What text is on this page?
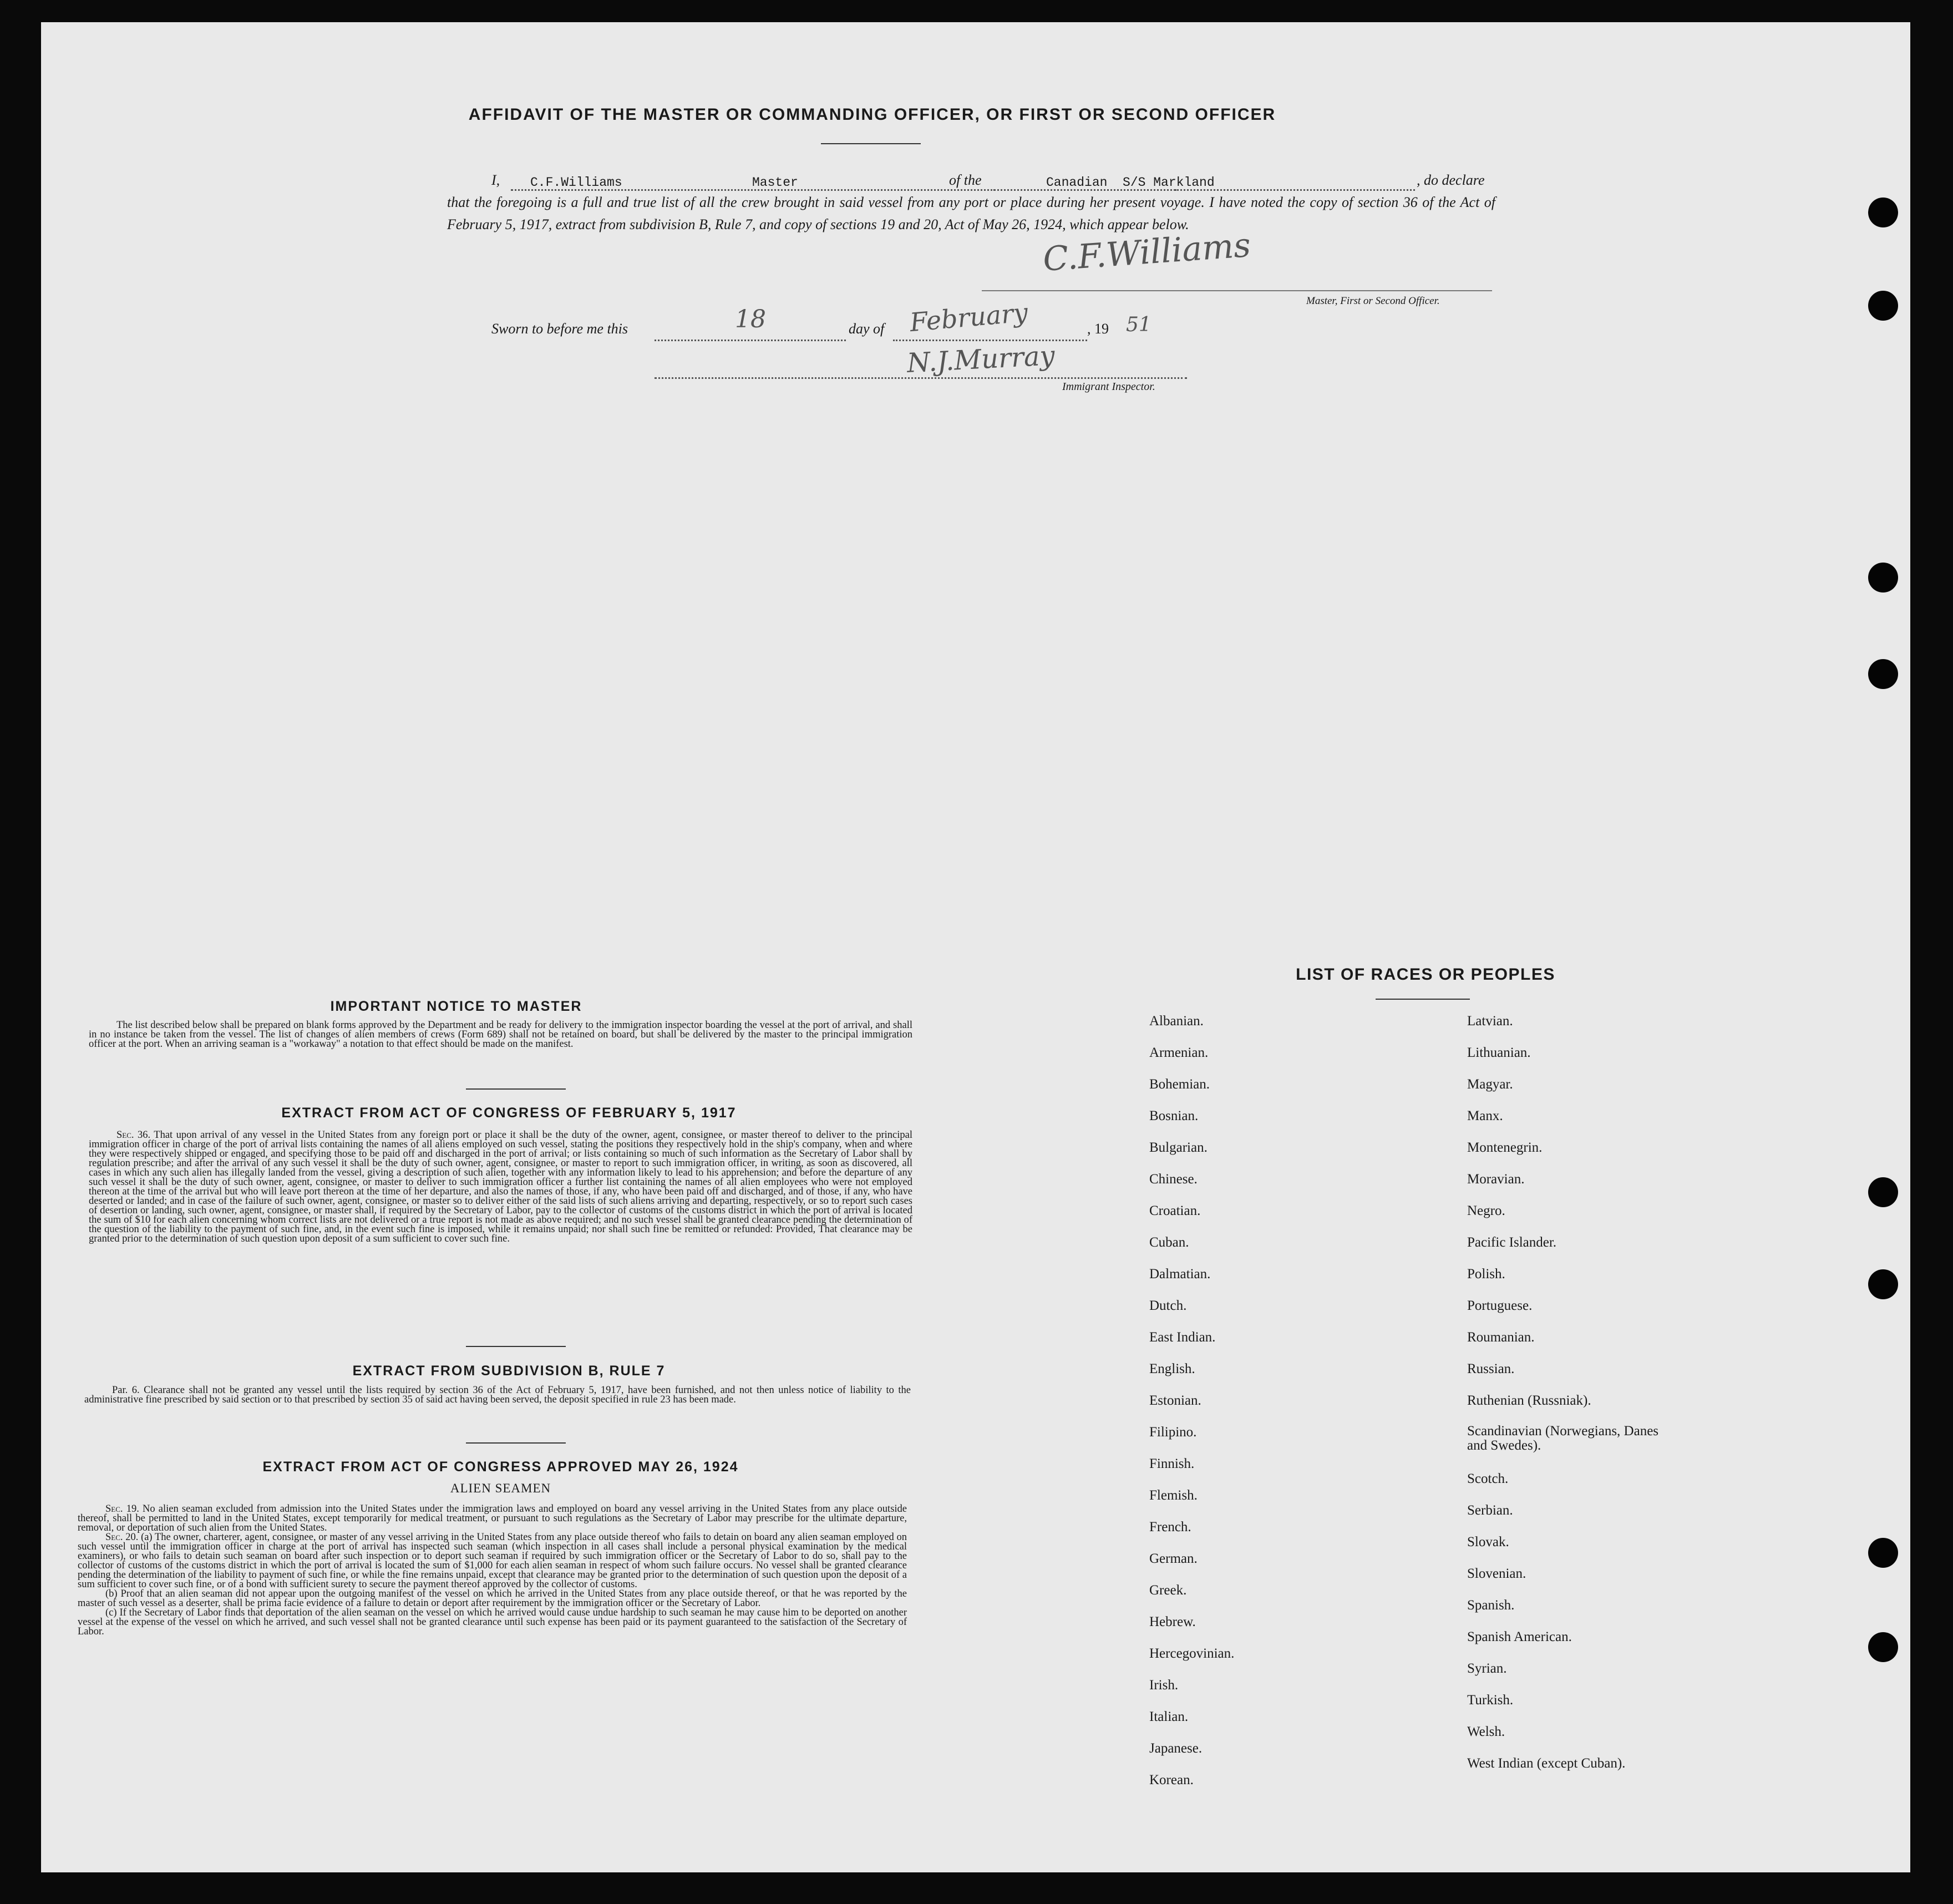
AFFIDAVIT OF THE MASTER OR COMMANDING OFFICER, OR FIRST OR SECOND OFFICER
I, C.F.Williams	Master	of the	Canadian  S/S Markland	, do declare
that the foregoing is a full and true list of all the crew brought in said vessel from any port or place during her present voyage. I have noted the copy of section 36 of the Act of February 5, 1917, extract from subdivision B, Rule 7, and copy of sections 19 and 20, Act of May 26, 1924, which appear below.
C.F.Williams
Master, First or Second Officer.
Sworn to before me this	18	day of February	, 19 51
N.J.Murray
Immigrant Inspector.
IMPORTANT NOTICE TO MASTER
The list described below shall be prepared on blank forms approved by the Department and be ready for delivery to the immigration inspector boarding the vessel at the port of arrival, and shall in no instance be taken from the vessel. The list of changes of alien members of crews (Form 689) shall not be retained on board, but shall be delivered by the master to the principal immigration officer at the port. When an arriving seaman is a "workaway" a notation to that effect should be made on the manifest.
EXTRACT FROM ACT OF CONGRESS OF FEBRUARY 5, 1917
Sec. 36. That upon arrival of any vessel in the United States from any foreign port or place it shall be the duty of the owner, agent, consignee, or master thereof to deliver to the principal immigration officer in charge of the port of arrival lists containing the names of all aliens employed on such vessel, stating the positions they respectively hold in the ship's company, when and where they were respectively shipped or engaged, and specifying those to be paid off and discharged in the port of arrival; or lists containing so much of such information as the Secretary of Labor shall by regulation prescribe; and after the arrival of any such vessel it shall be the duty of such owner, agent, consignee, or master to report to such immigration officer, in writing, as soon as discovered, all cases in which any such alien has illegally landed from the vessel, giving a description of such alien, together with any information likely to lead to his apprehension; and before the departure of any such vessel it shall be the duty of such owner, agent, consignee, or master to deliver to such immigration officer a further list containing the names of all alien employees who were not employed thereon at the time of the arrival but who will leave port thereon at the time of her departure, and also the names of those, if any, who have been paid off and discharged, and of those, if any, who have deserted or landed; and in case of the failure of such owner, agent, consignee, or master so to deliver either of the said lists of such aliens arriving and departing, respectively, or so to report such cases of desertion or landing, such owner, agent, consignee, or master shall, if required by the Secretary of Labor, pay to the collector of customs of the customs district in which the port of arrival is located the sum of $10 for each alien concerning whom correct lists are not delivered or a true report is not made as above required; and no such vessel shall be granted clearance pending the determination of the question of the liability to the payment of such fine, and, in the event such fine is imposed, while it remains unpaid; nor shall such fine be remitted or refunded: Provided, That clearance may be granted prior to the determination of such question upon deposit of a sum sufficient to cover such fine.
EXTRACT FROM SUBDIVISION B, RULE 7
Par. 6. Clearance shall not be granted any vessel until the lists required by section 36 of the Act of February 5, 1917, have been furnished, and not then unless notice of liability to the administrative fine prescribed by said section or to that prescribed by section 35 of said act having been served, the deposit specified in rule 23 has been made.
EXTRACT FROM ACT OF CONGRESS APPROVED MAY 26, 1924
ALIEN SEAMEN
Sec. 19. No alien seaman excluded from admission into the United States under the immigration laws and employed on board any vessel arriving in the United States from any place outside thereof, shall be permitted to land in the United States, except temporarily for medical treatment, or pursuant to such regulations as the Secretary of Labor may prescribe for the ultimate departure, removal, or deportation of such alien from the United States.
Sec. 20. (a) The owner, charterer, agent, consignee, or master of any vessel arriving in the United States from any place outside thereof who fails to detain on board any alien seaman employed on such vessel until the immigration officer in charge at the port of arrival has inspected such seaman (which inspection in all cases shall include a personal physical examination by the medical examiners), or who fails to detain such seaman on board after such inspection or to deport such seaman if required by such immigration officer or the Secretary of Labor to do so, shall pay to the collector of customs of the customs district in which the port of arrival is located the sum of $1,000 for each alien seaman in respect of whom such failure occurs. No vessel shall be granted clearance pending the determination of the liability to payment of such fine, or while the fine remains unpaid, except that clearance may be granted prior to the determination of such question upon the deposit of a sum sufficient to cover such fine, or of a bond with sufficient surety to secure the payment thereof approved by the collector of customs.
(b) Proof that an alien seaman did not appear upon the outgoing manifest of the vessel on which he arrived in the United States from any place outside thereof, or that he was reported by the master of such vessel as a deserter, shall be prima facie evidence of a failure to detain or deport after requirement by the immigration officer or the Secretary of Labor.
(c) If the Secretary of Labor finds that deportation of the alien seaman on the vessel on which he arrived would cause undue hardship to such seaman he may cause him to be deported on another vessel at the expense of the vessel on which he arrived, and such vessel shall not be granted clearance until such expense has been paid or its payment guaranteed to the satisfaction of the Secretary of Labor.
LIST OF RACES OR PEOPLES
Albanian.
Armenian.
Bohemian.
Bosnian.
Bulgarian.
Chinese.
Croatian.
Cuban.
Dalmatian.
Dutch.
East Indian.
English.
Estonian.
Filipino.
Finnish.
Flemish.
French.
German.
Greek.
Hebrew.
Hercegovinian.
Irish.
Italian.
Japanese.
Korean.
Latvian.
Lithuanian.
Magyar.
Manx.
Montenegrin.
Moravian.
Negro.
Pacific Islander.
Polish.
Portuguese.
Roumanian.
Russian.
Ruthenian (Russniak).
Scandinavian (Norwegians, Danes and Swedes).
Scotch.
Serbian.
Slovak.
Slovenian.
Spanish.
Spanish American.
Syrian.
Turkish.
Welsh.
West Indian (except Cuban).
